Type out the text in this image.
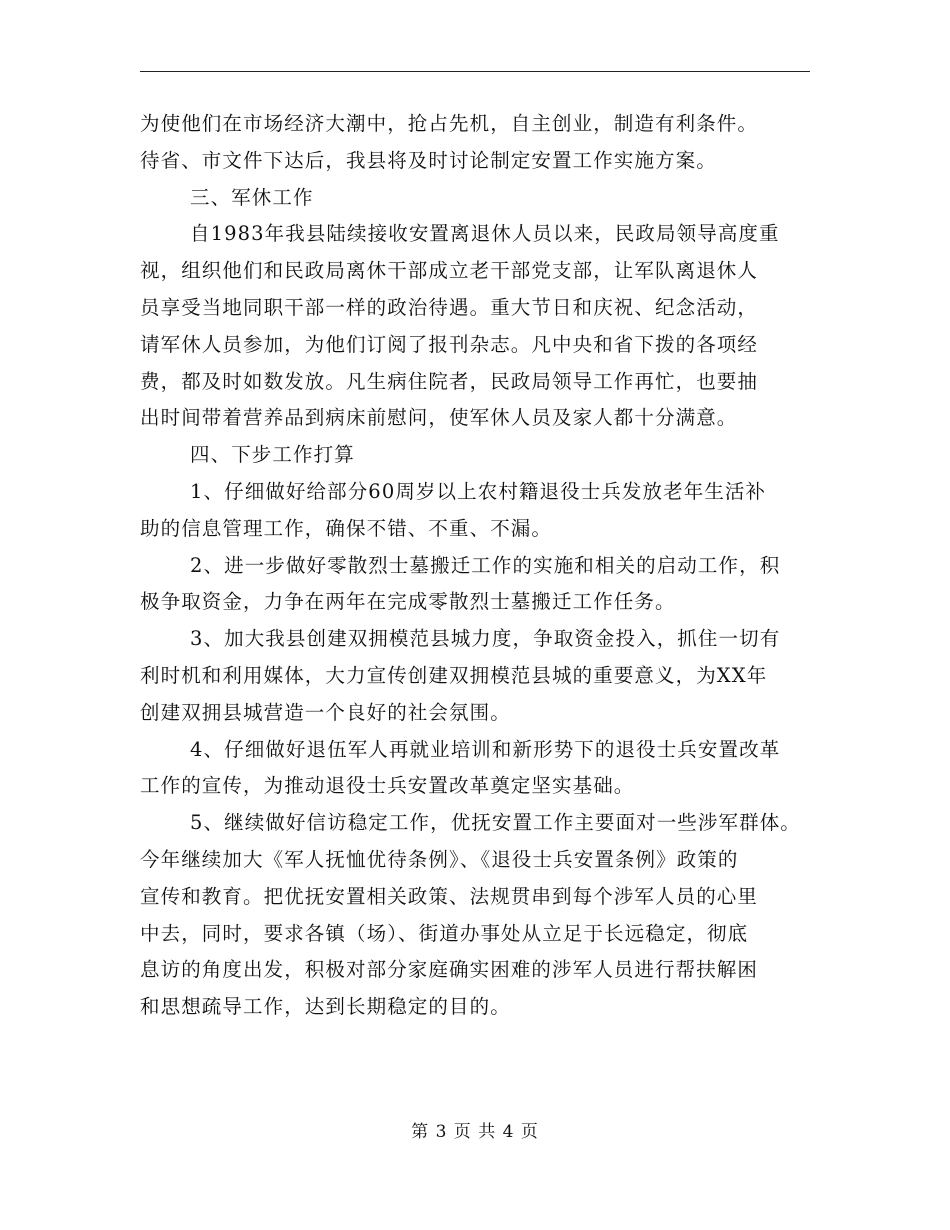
为使他们在市场经济大潮中，抢占先机，自主创业，制造有利条件。
待省、市文件下达后，我县将及时讨论制定安置工作实施方案。
三、军休工作
自1983年我县陆续接收安置离退休人员以来，民政局领导高度重
视，组织他们和民政局离休干部成立老干部党支部，让军队离退休人
员享受当地同职干部一样的政治待遇。重大节日和庆祝、纪念活动，
请军休人员参加，为他们订阅了报刊杂志。凡中央和省下拨的各项经
费，都及时如数发放。凡生病住院者，民政局领导工作再忙，也要抽
出时间带着营养品到病床前慰问，使军休人员及家人都十分满意。
四、下步工作打算
1、仔细做好给部分60周岁以上农村籍退役士兵发放老年生活补
助的信息管理工作，确保不错、不重、不漏。
2、进一步做好零散烈士墓搬迁工作的实施和相关的启动工作，积
极争取资金，力争在两年在完成零散烈士墓搬迁工作任务。
3、加大我县创建双拥模范县城力度，争取资金投入，抓住一切有
利时机和利用媒体，大力宣传创建双拥模范县城的重要意义，为XX年
创建双拥县城营造一个良好的社会氛围。
4、仔细做好退伍军人再就业培训和新形势下的退役士兵安置改革
工作的宣传，为推动退役士兵安置改革奠定坚实基础。
5、继续做好信访稳定工作，优抚安置工作主要面对一些涉军群体。
今年继续加大《军人抚恤优待条例》、《退役士兵安置条例》政策的
宣传和教育。把优抚安置相关政策、法规贯串到每个涉军人员的心里
中去，同时，要求各镇（场）、街道办事处从立足于长远稳定，彻底
息访的角度出发，积极对部分家庭确实困难的涉军人员进行帮扶解困
和思想疏导工作，达到长期稳定的目的。
第 3 页 共 4 页
